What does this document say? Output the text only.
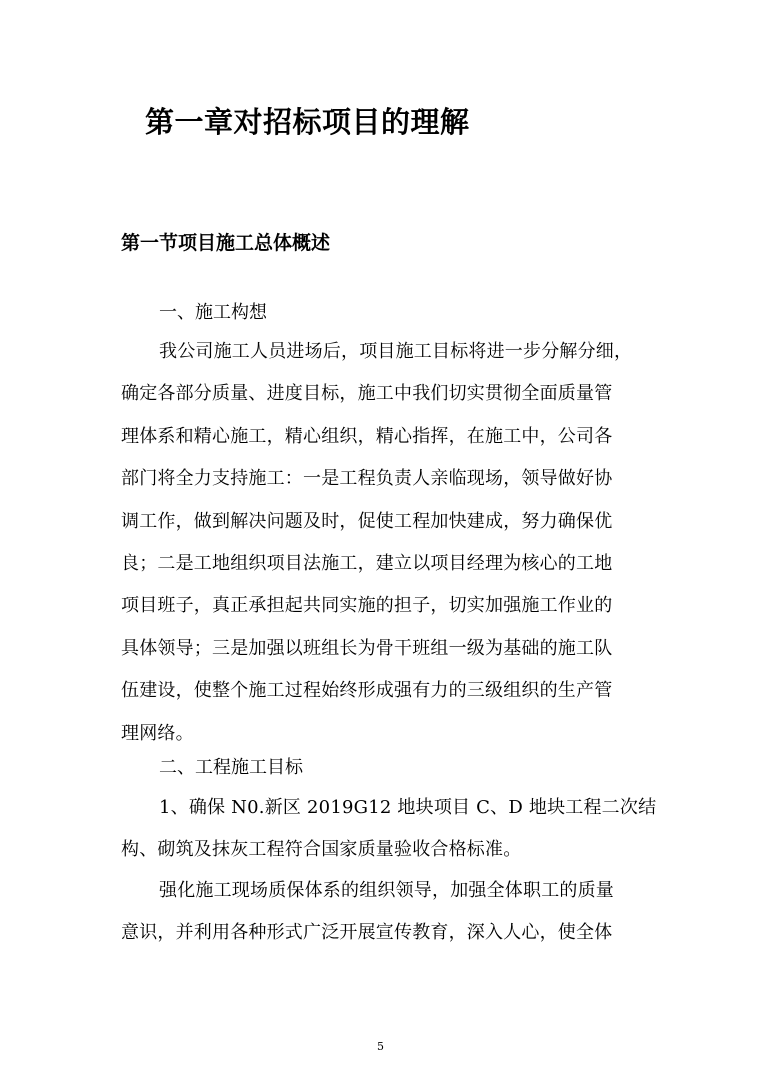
第一章对招标项目的理解
第一节项目施工总体概述

一、施工构想

我公司施工人员进场后，项目施工目标将进一步分解分细，
确定各部分质量、进度目标，施工中我们切实贯彻全面质量管
理体系和精心施工，精心组织，精心指挥，在施工中，公司各
部门将全力支持施工：一是工程负责人亲临现场，领导做好协
调工作，做到解决问题及时，促使工程加快建成，努力确保优
良；二是工地组织项目法施工，建立以项目经理为核心的工地
项目班子，真正承担起共同实施的担子，切实加强施工作业的
具体领导；三是加强以班组长为骨干班组一级为基础的施工队
伍建设，使整个施工过程始终形成强有力的三级组织的生产管
理网络。

二、工程施工目标

1、确保 N0.新区 2019G12 地块项目 C、D 地块工程二次结
构、砌筑及抹灰工程符合国家质量验收合格标准。
强化施工现场质保体系的组织领导，加强全体职工的质量
意识，并利用各种形式广泛开展宣传教育，深入人心，使全体

5
